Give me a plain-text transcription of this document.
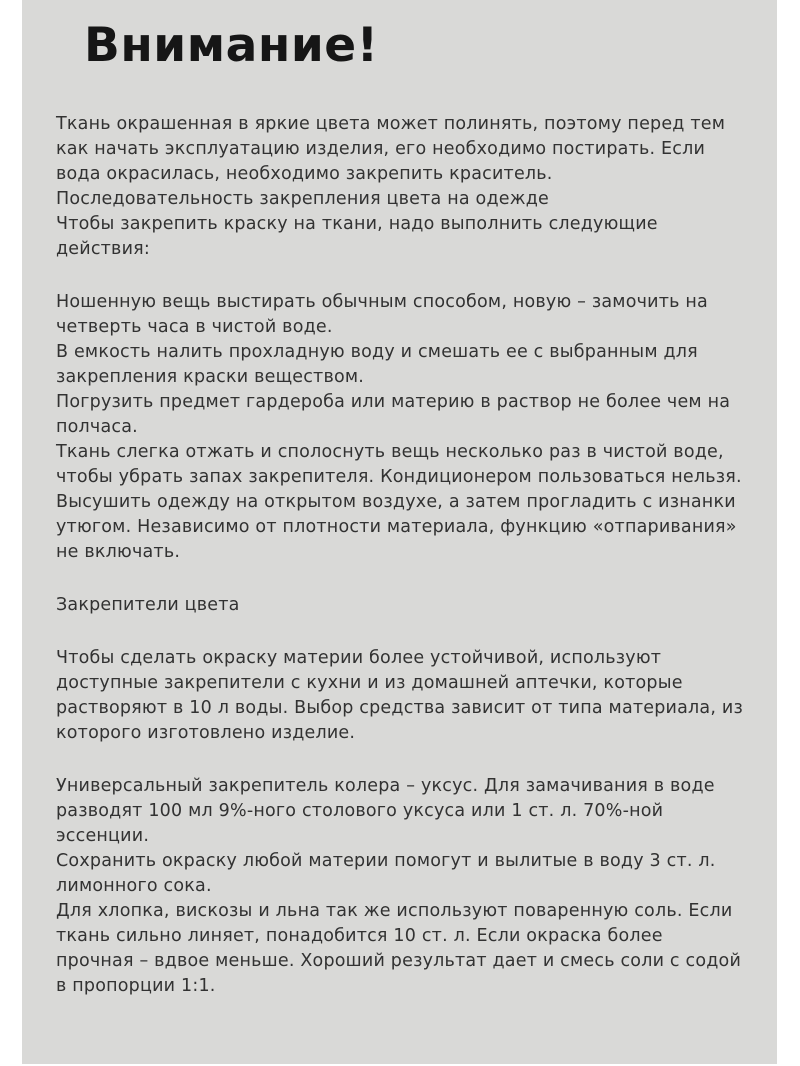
Внимание!
Ткань окрашенная в яркие цвета может полинять, поэтому перед тем
как начать эксплуатацию изделия, его необходимо постирать. Если
вода окрасилась, необходимо закрепить краситель.
Последовательность закрепления цвета на одежде
Чтобы закрепить краску на ткани, надо выполнить следующие
действия:
Ношенную вещь выстирать обычным способом, новую – замочить на
четверть часа в чистой воде.
В емкость налить прохладную воду и смешать ее с выбранным для
закрепления краски веществом.
Погрузить предмет гардероба или материю в раствор не более чем на
полчаса.
Ткань слегка отжать и сполоснуть вещь несколько раз в чистой воде,
чтобы убрать запах закрепителя. Кондиционером пользоваться нельзя.
Высушить одежду на открытом воздухе, а затем прогладить с изнанки
утюгом. Независимо от плотности материала, функцию «отпаривания»
не включать.
Закрепители цвета
Чтобы сделать окраску материи более устойчивой, используют
доступные закрепители с кухни и из домашней аптечки, которые
растворяют в 10 л воды. Выбор средства зависит от типа материала, из
которого изготовлено изделие.
Универсальный закрепитель колера – уксус. Для замачивания в воде
разводят 100 мл 9%-ного столового уксуса или 1 ст. л. 70%-ной
эссенции.
Сохранить окраску любой материи помогут и вылитые в воду 3 ст. л.
лимонного сока.
Для хлопка, вискозы и льна так же используют поваренную соль. Если
ткань сильно линяет, понадобится 10 ст. л. Если окраска более
прочная – вдвое меньше. Хороший результат дает и смесь соли с содой
в пропорции 1:1.
